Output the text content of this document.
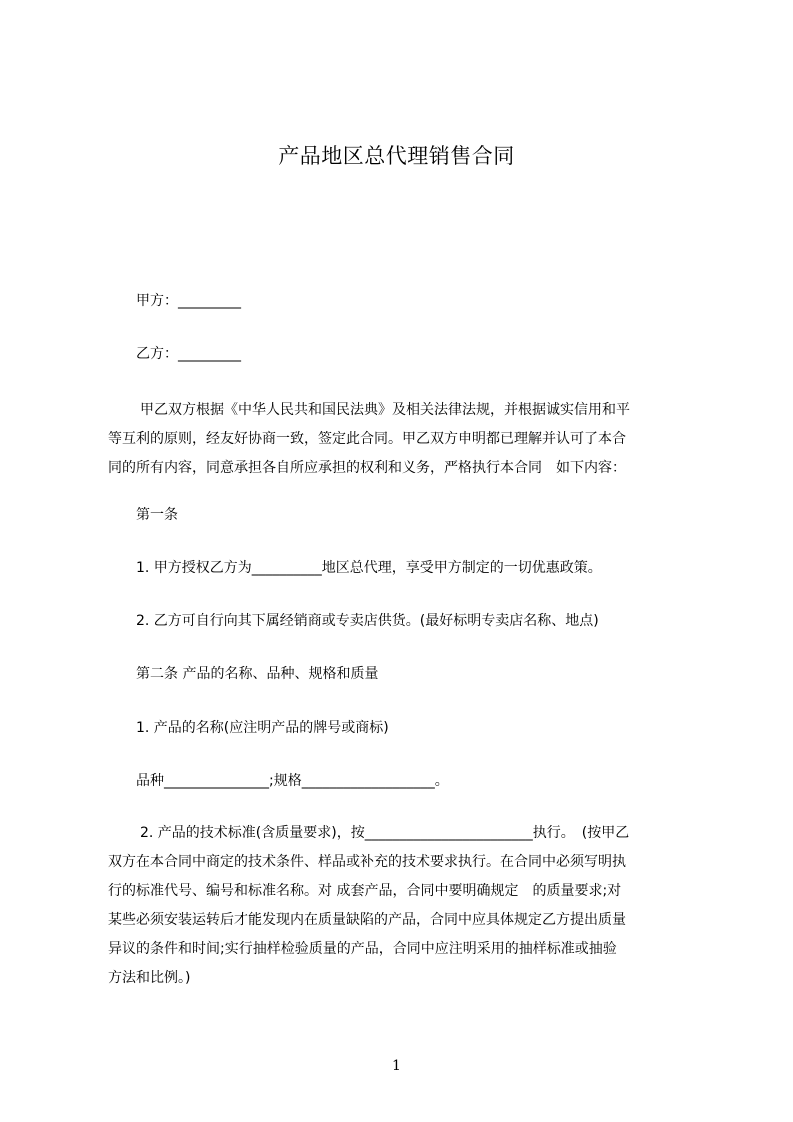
产品地区总代理销售合同
甲方：_________
乙方：_________
甲乙双方根据《中华人民共和国民法典》及相关法律法规，并根据诚实信用和平
等互利的原则，经友好协商一致，签定此合同。甲乙双方申明都已理解并认可了本合
同的所有内容，同意承担各自所应承担的权利和义务，严格执行本合同　如下内容：
第一条
1. 甲方授权乙方为__________地区总代理，享受甲方制定的一切优惠政策。
2. 乙方可自行向其下属经销商或专卖店供货。(最好标明专卖店名称、地点)
第二条 产品的名称、品种、规格和质量
1. 产品的名称(应注明产品的牌号或商标)
品种_______________;规格___________________。
2. 产品的技术标准(含质量要求)，按________________________执行。　(按甲乙
双方在本合同中商定的技术条件、样品或补充的技术要求执行。在合同中必须写明执
行的标准代号、编号和标准名称。对 成套产品，合同中要明确规定　的质量要求;对
某些必须安装运转后才能发现内在质量缺陷的产品，合同中应具体规定乙方提出质量
异议的条件和时间;实行抽样检验质量的产品，合同中应注明采用的抽样标准或抽验
方法和比例。)
1
